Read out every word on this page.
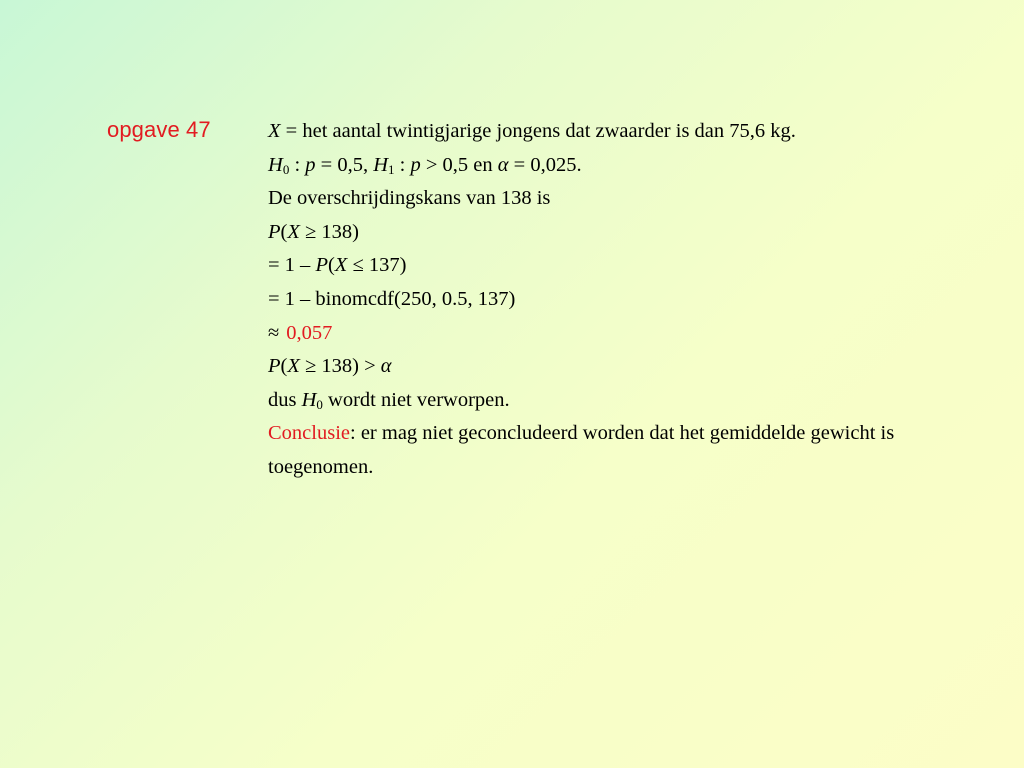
opgave 47	X = het aantal twintigjarige jongens dat zwaarder is dan 75,6 kg.
$H_0$ : p = 0,5, $H_1$ : p > 0,5 en α = 0,025.
De overschrijdingskans van 138 is
P(X ≥ 138)
= 1 – P(X ≤ 137)
= 1 – binomcdf(250, 0.5, 137)
≈ 0,057
P(X ≥ 138) > α
dus $H_0$ wordt niet verworpen.
Conclusie: er mag niet geconcludeerd worden dat het gemiddelde gewicht is toegenomen.
